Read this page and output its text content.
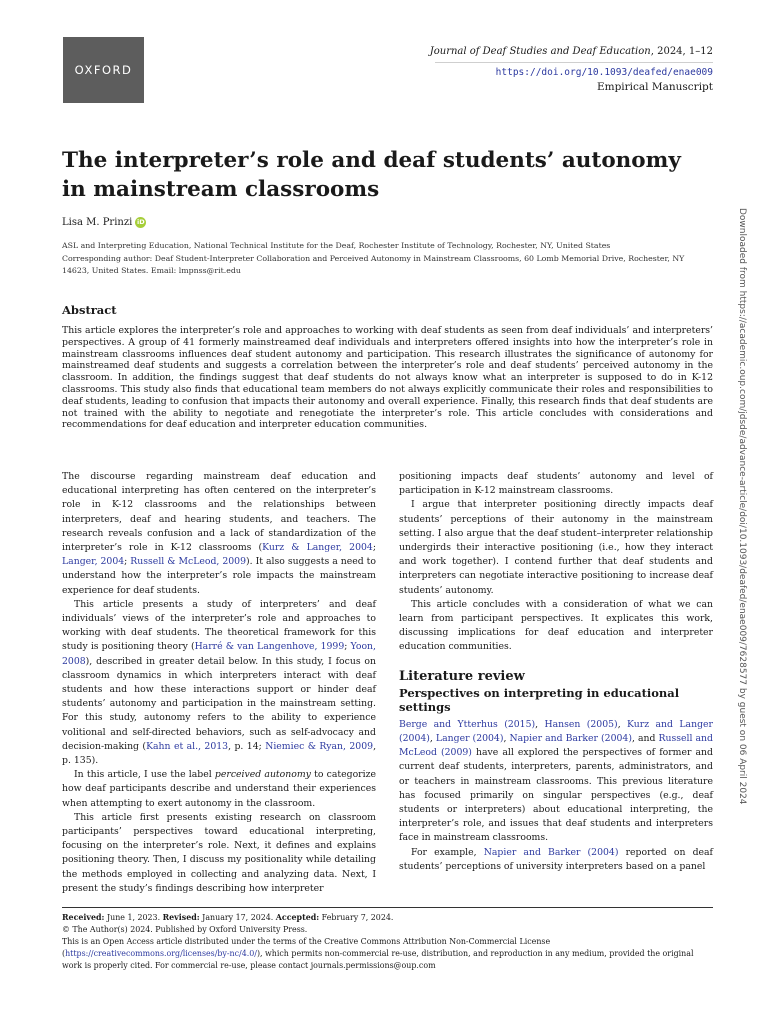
OXFORD
Journal of Deaf Studies and Deaf Education, 2024, 1–12
https://doi.org/10.1093/deafed/enae009
Empirical Manuscript
The interpreter’s role and deaf students’ autonomy in mainstream classrooms
Lisa M. Prinzi iD

ASL and Interpreting Education, National Technical Institute for the Deaf, Rochester Institute of Technology, Rochester, NY, United States

Corresponding author: Deaf Student-Interpreter Collaboration and Perceived Autonomy in Mainstream Classrooms, 60 Lomb Memorial Drive, Rochester, NY 14623, United States. Email: lmpnss@rit.edu

Abstract

This article explores the interpreter’s role and approaches to working with deaf students as seen from deaf individuals’ and interpreters’ perspectives. A group of 41 formerly mainstreamed deaf individuals and interpreters offered insights into how the interpreter’s role in mainstream classrooms influences deaf student autonomy and participation. This research illustrates the significance of autonomy for mainstreamed deaf students and suggests a correlation between the interpreter’s role and deaf students’ perceived autonomy in the classroom. In addition, the findings suggest that deaf students do not always know what an interpreter is supposed to do in K-12 classrooms. This study also finds that educational team members do not always explicitly communicate their roles and responsibilities to deaf students, leading to confusion that impacts their autonomy and overall experience. Finally, this research finds that deaf students are not trained with the ability to negotiate and renegotiate the interpreter’s role. This article concludes with considerations and recommendations for deaf education and interpreter education communities.

The discourse regarding mainstream deaf education and educational interpreting has often centered on the interpreter’s role in K-12 classrooms and the relationships between interpreters, deaf and hearing students, and teachers. The research reveals confusion and a lack of standardization of the interpreter’s role in K-12 classrooms (Kurz & Langer, 2004; Langer, 2004; Russell & McLeod, 2009). It also suggests a need to understand how the interpreter’s role impacts the mainstream experience for deaf students.

This article presents a study of interpreters’ and deaf individuals’ views of the interpreter’s role and approaches to working with deaf students. The theoretical framework for this study is positioning theory (Harré & van Langenhove, 1999; Yoon, 2008), described in greater detail below. In this study, I focus on classroom dynamics in which interpreters interact with deaf students and how these interactions support or hinder deaf students’ autonomy and participation in the mainstream setting. For this study, autonomy refers to the ability to experience volitional and self-directed behaviors, such as self-advocacy and decision-making (Kahn et al., 2013, p. 14; Niemiec & Ryan, 2009, p. 135).

In this article, I use the label perceived autonomy to categorize how deaf participants describe and understand their experiences when attempting to exert autonomy in the classroom.

This article first presents existing research on classroom participants’ perspectives toward educational interpreting, focusing on the interpreter’s role. Next, it defines and explains positioning theory. Then, I discuss my positionality while detailing the methods employed in collecting and analyzing data. Next, I present the study’s findings describing how interpreter

positioning impacts deaf students’ autonomy and level of participation in K-12 mainstream classrooms.

I argue that interpreter positioning directly impacts deaf students’ perceptions of their autonomy in the mainstream setting. I also argue that the deaf student–interpreter relationship undergirds their interactive positioning (i.e., how they interact and work together). I contend further that deaf students and interpreters can negotiate interactive positioning to increase deaf students’ autonomy.

This article concludes with a consideration of what we can learn from participant perspectives. It explicates this work, discussing implications for deaf education and interpreter education communities.

Literature review
Perspectives on interpreting in educational settings

Berge and Ytterhus (2015), Hansen (2005), Kurz and Langer (2004), Langer (2004), Napier and Barker (2004), and Russell and McLeod (2009) have all explored the perspectives of former and current deaf students, interpreters, parents, administrators, and or teachers in mainstream classrooms. This previous literature has focused primarily on singular perspectives (e.g., deaf students or interpreters) about educational interpreting, the interpreter’s role, and issues that deaf students and interpreters face in mainstream classrooms.

For example, Napier and Barker (2004) reported on deaf students’ perceptions of university interpreters based on a panel

Received: June 1, 2023. Revised: January 17, 2024. Accepted: February 7, 2024.

© The Author(s) 2024. Published by Oxford University Press.

This is an Open Access article distributed under the terms of the Creative Commons Attribution Non-Commercial License (https://creativecommons.org/licenses/by-nc/4.0/), which permits non-commercial re-use, distribution, and reproduction in any medium, provided the original work is properly cited. For commercial re-use, please contact journals.permissions@oup.com

Downloaded from https://academic.oup.com/jdsde/advance-article/doi/10.1093/deafed/enae009/7628577 by guest on 06 April 2024
